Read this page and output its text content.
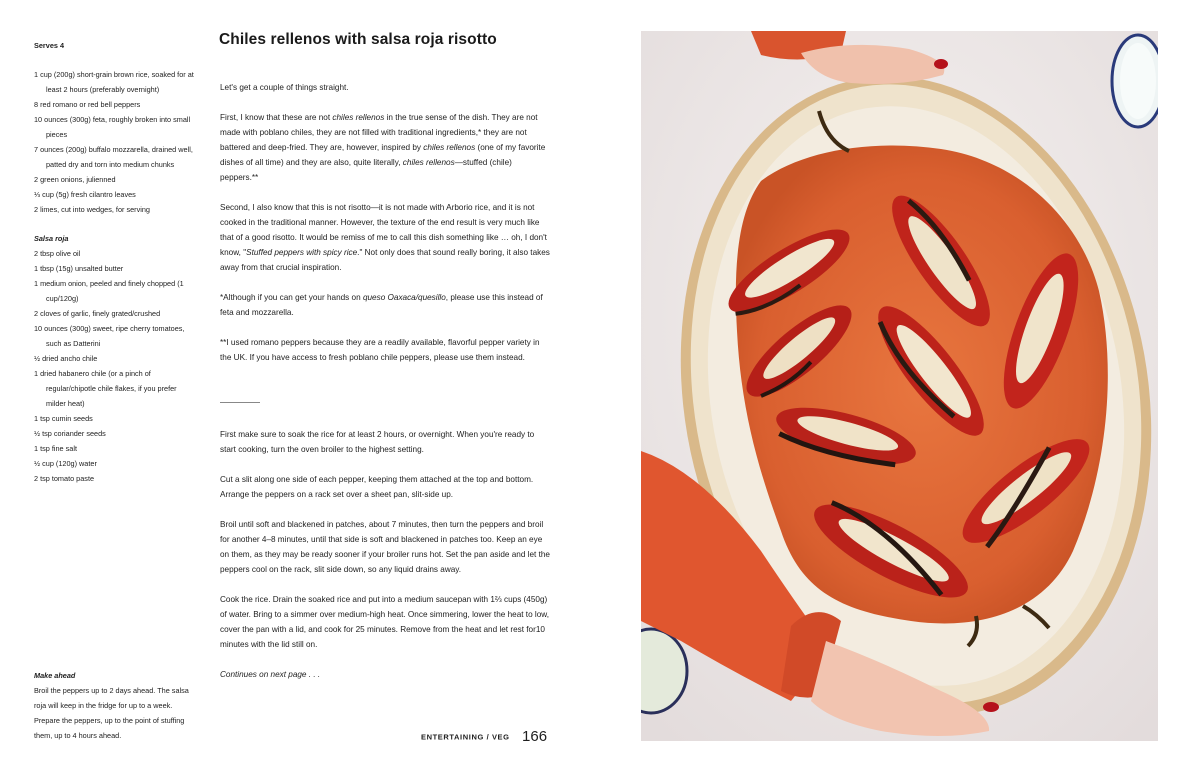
Serves 4
1 cup (200g) short-grain brown rice, soaked for at least 2 hours (preferably overnight)
8 red romano or red bell peppers
10 ounces (300g) feta, roughly broken into small pieces
7 ounces (200g) buffalo mozzarella, drained well, patted dry and torn into medium chunks
2 green onions, julienned
⅓ cup (5g) fresh cilantro leaves
2 limes, cut into wedges, for serving
Salsa roja
2 tbsp olive oil
1 tbsp (15g) unsalted butter
1 medium onion, peeled and finely chopped (1 cup/120g)
2 cloves of garlic, finely grated/crushed
10 ounces (300g) sweet, ripe cherry tomatoes, such as Datterini
½ dried ancho chile
1 dried habanero chile (or a pinch of regular/chipotle chile flakes, if you prefer milder heat)
1 tsp cumin seeds
½ tsp coriander seeds
1 tsp fine salt
½ cup (120g) water
2 tsp tomato paste
Make ahead
Broil the peppers up to 2 days ahead. The salsa roja will keep in the fridge for up to a week. Prepare the peppers, up to the point of stuffing them, up to 4 hours ahead.
Chiles rellenos with salsa roja risotto

Let's get a couple of things straight.

First, I know that these are not chiles rellenos in the true sense of the dish. They are not made with poblano chiles, they are not filled with traditional ingredients,* they are not battered and deep-fried. They are, however, inspired by chiles rellenos (one of my favorite dishes of all time) and they are also, quite literally, chiles rellenos—stuffed (chile) peppers.**

Second, I also know that this is not risotto—it is not made with Arborio rice, and it is not cooked in the traditional manner. However, the texture of the end result is very much like that of a good risotto. It would be remiss of me to call this dish something like … oh, I don't know, "Stuffed peppers with spicy rice." Not only does that sound really boring, it also takes away from that crucial inspiration.

*Although if you can get your hands on queso Oaxaca/quesillo, please use this instead of feta and mozzarella.

**I used romano peppers because they are a readily available, flavorful pepper variety in the UK. If you have access to fresh poblano chile peppers, please use them instead.

First make sure to soak the rice for at least 2 hours, or overnight. When you're ready to start cooking, turn the oven broiler to the highest setting.

Cut a slit along one side of each pepper, keeping them attached at the top and bottom. Arrange the peppers on a rack set over a sheet pan, slit-side up.

Broil until soft and blackened in patches, about 7 minutes, then turn the peppers and broil for another 4–8 minutes, until that side is soft and blackened in patches too. Keep an eye on them, as they may be ready sooner if your broiler runs hot. Set the pan aside and let the peppers cool on the rack, slit side down, so any liquid drains away.

Cook the rice. Drain the soaked rice and put into a medium saucepan with 1⅔ cups (450g) of water. Bring to a simmer over medium-high heat. Once simmering, lower the heat to low, cover the pan with a lid, and cook for 25 minutes. Remove from the heat and let rest for10 minutes with the lid still on.

Continues on next page . . .

ENTERTAINING / VEG 166
